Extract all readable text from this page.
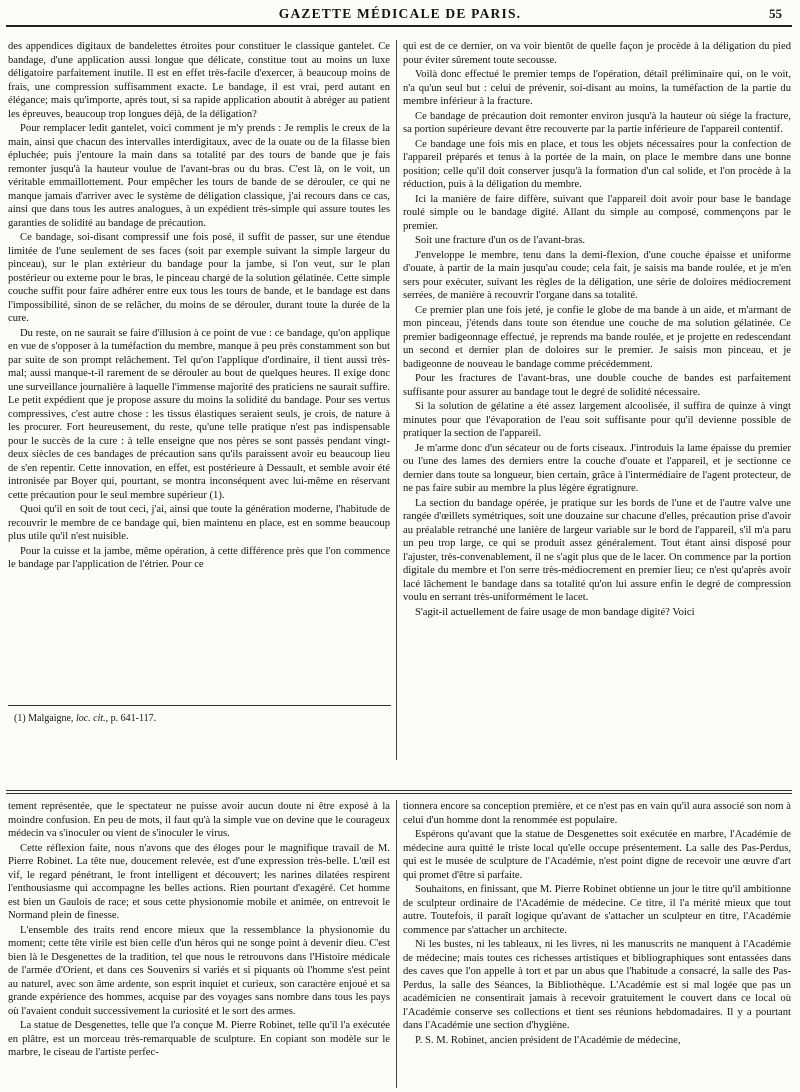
GAZETTE MÉDICALE DE PARIS.	55

des appendices digitaux de bandelettes étroites pour constituer le classique gantelet. Ce bandage, d'une application aussi longue que délicate, constitue tout au moins un luxe déligatoire parfaitement inutile. Il est en effet très-facile d'exercer, à beaucoup moins de frais, une compression suffisamment exacte. Le bandage, il est vrai, perd autant en élégance; mais qu'importe, après tout, si sa rapide application aboutit à abréger au patient les épreuves, beaucoup trop longues déjà, de la déligation?

Pour remplacer ledit gantelet, voici comment je m'y prends : Je remplis le creux de la main, ainsi que chacun des intervalles interdigitaux, avec de la ouate ou de la filasse bien épluchée; puis j'entoure la main dans sa totalité par des tours de bande que je fais remonter jusqu'à la hauteur voulue de l'avant-bras ou du bras. C'est là, on le voit, un véritable emmaillottement. Pour empêcher les tours de bande de se dérouler, ce qui ne manque jamais d'arriver avec le système de déligation classique, j'ai recours dans ce cas, ainsi que dans tous les autres analogues, à un expédient très-simple qui assure toutes les garanties de solidité au bandage de précaution.

Ce bandage, soi-disant compressif une fois posé, il suffit de passer, sur une étendue limitée de l'une seulement de ses faces (soit par exemple suivant la simple largeur du pinceau), sur le plan extérieur du bandage pour la jambe, si l'on veut, sur le plan postérieur ou externe pour le bras, le pinceau chargé de la solution gélatinée. Cette simple couche suffit pour faire adhérer entre eux tous les tours de bande, et le bandage est dans l'impossibilité, sinon de se relâcher, du moins de se dérouler, durant toute la durée de la cure.

Du reste, on ne saurait se faire d'illusion à ce point de vue : ce bandage, qu'on applique en vue de s'opposer à la tuméfaction du membre, manque à peu près constamment son but par suite de son prompt relâchement. Tel qu'on l'applique d'ordinaire, il tient aussi très-mal; aussi manque-t-il rarement de se dérouler au bout de quelques heures. Il exige donc une surveillance journalière à laquelle l'immense majorité des praticiens ne saurait suffire. Le petit expédient que je propose assure du moins la solidité du bandage. Pour ses vertus compressives, c'est autre chose : les tissus élastiques seraient seuls, je crois, de nature à les procurer. Fort heureusement, du reste, qu'une telle pratique n'est pas indispensable pour le succès de la cure : à telle enseigne que nos pères se sont passés pendant vingt-deux siècles de ces bandages de précaution sans qu'ils paraissent avoir eu beaucoup lieu de s'en repentir. Cette innovation, en effet, est postérieure à Dessault, et semble avoir été intronisée par Boyer qui, pourtant, se montra inconséquent avec lui-même en réservant cette précaution pour le seul membre supérieur (1).

Quoi qu'il en soit de tout ceci, j'ai, ainsi que toute la génération moderne, l'habitude de recouvrir le membre de ce bandage qui, bien maintenu en place, est en somme beaucoup plus utile qu'il n'est nuisible.

Pour la cuisse et la jambe, même opération, à cette différence près que l'on commence le bandage par l'application de l'étrier. Pour ce

(1) Malgaigne, loc. cit., p. 641-117.

qui est de ce dernier, on va voir bientôt de quelle façon je procède à la déligation du pied pour éviter sûrement toute secousse.

Voilà donc effectué le premier temps de l'opération, détail préliminaire qui, on le voit, n'a qu'un seul but : celui de prévenir, soi-disant au moins, la tuméfaction de la partie du membre inférieur à la fracture.

Ce bandage de précaution doit remonter environ jusqu'à la hauteur où siége la fracture, sa portion supérieure devant être recouverte par la partie inférieure de l'appareil contentif.

Ce bandage une fois mis en place, et tous les objets nécessaires pour la confection de l'appareil préparés et tenus à la portée de la main, on place le membre dans une bonne position; celle qu'il doit conserver jusqu'à la formation d'un cal solide, et l'on procède à la réduction, puis à la déligation du membre.

Ici la manière de faire diffère, suivant que l'appareil doit avoir pour base le bandage roulé simple ou le bandage digité. Allant du simple au composé, commençons par le premier.

Soit une fracture d'un os de l'avant-bras.

J'enveloppe le membre, tenu dans la demi-flexion, d'une couche épaisse et uniforme d'ouate, à partir de la main jusqu'au coude; cela fait, je saisis ma bande roulée, et je m'en sers pour exécuter, suivant les règles de la déligation, une série de doloires médiocrement serrées, de manière à recouvrir l'organe dans sa totalité.

Ce premier plan une fois jeté, je confie le globe de ma bande à un aide, et m'armant de mon pinceau, j'étends dans toute son étendue une couche de ma solution gélatinée. Ce premier badigeonnage effectué, je reprends ma bande roulée, et je projette en redescendant un second et dernier plan de doloires sur le premier. Je saisis mon pinceau, et je badigeonne de nouveau le bandage comme précédemment.

Pour les fractures de l'avant-bras, une double couche de bandes est parfaitement suffisante pour assurer au bandage tout le degré de solidité nécessaire.

Si la solution de gélatine a été assez largement alcoolisée, il suffira de quinze à vingt minutes pour que l'évaporation de l'eau soit suffisante pour qu'il devienne possible de pratiquer la section de l'appareil.

Je m'arme donc d'un sécateur ou de forts ciseaux. J'introduis la lame épaisse du premier ou l'une des lames des derniers entre la couche d'ouate et l'appareil, et je sectionne ce dernier dans toute sa longueur, bien certain, grâce à l'intermédiaire de l'agent protecteur, de ne pas faire subir au membre la plus légère égratignure.

La section du bandage opérée, je pratique sur les bords de l'une et de l'autre valve une rangée d'œillets symétriques, soit une douzaine sur chacune d'elles, précaution prise d'avoir au préalable retranché une lanière de largeur variable sur le bord de l'appareil, s'il m'a paru un peu trop large, ce qui se produit assez généralement. Tout étant ainsi disposé pour l'ajuster, très-convenablement, il ne s'agit plus que de le lacer. On commence par la portion digitale du membre et l'on serre très-médiocrement en premier lieu; ce n'est qu'après avoir lacé lâchement le bandage dans sa totalité qu'on lui assure enfin le degré de compression voulu en serrant très-uniformément le lacet.

S'agit-il actuellement de faire usage de mon bandage digité? Voici

tement représentée, que le spectateur ne puisse avoir aucun doute ni être exposé à la moindre confusion. En peu de mots, il faut qu'à la simple vue on devine que le courageux médecin va s'inoculer ou vient de s'inoculer le virus.

Cette réflexion faite, nous n'avons que des éloges pour le magnifique travail de M. Pierre Robinet. La tête nue, doucement relevée, est d'une expression très-belle. L'œil est vif, le regard pénétrant, le front intelligent et découvert; les narines dilatées respirent l'enthousiasme qui accompagne les belles actions. Rien pourtant d'exagéré. Cet homme est bien un Gaulois de race; et sous cette physionomie mobile et animée, on entrevoit le Normand plein de finesse.

L'ensemble des traits rend encore mieux que la ressemblance la physionomie du moment; cette tête virile est bien celle d'un héros qui ne songe point à devenir dieu. C'est bien là le Desgenettes de la tradition, tel que nous le retrouvons dans l'Histoire médicale de l'armée d'Orient, et dans ces Souvenirs si variés et si piquants où l'homme s'est peint au naturel, avec son âme ardente, son esprit inquiet et curieux, son caractère enjoué et sa grande expérience des hommes, acquise par des voyages sans nombre dans tous les pays où l'avaient conduit successivement la curiosité et le sort des armes.

La statue de Desgenettes, telle que l'a conçue M. Pierre Robinet, telle qu'il l'a exécutée en plâtre, est un morceau très-remarquable de sculpture. En copiant son modèle sur le marbre, le ciseau de l'artiste perfec-

tionnera encore sa conception première, et ce n'est pas en vain qu'il aura associé son nom à celui d'un homme dont la renommée est populaire.

Espérons qu'avant que la statue de Desgenettes soit exécutée en marbre, l'Académie de médecine aura quitté le triste local qu'elle occupe présentement. La salle des Pas-Perdus, qui est le musée de sculpture de l'Académie, n'est point digne de recevoir une œuvre d'art qui promet d'être si parfaite.

Souhaitons, en finissant, que M. Pierre Robinet obtienne un jour le titre qu'il ambitionne de sculpteur ordinaire de l'Académie de médecine. Ce titre, il l'a mérité mieux que tout autre. Toutefois, il paraît logique qu'avant de s'attacher un sculpteur en titre, l'Académie commence par s'attacher un architecte.

Ni les bustes, ni les tableaux, ni les livres, ni les manuscrits ne manquent à l'Académie de médecine; mais toutes ces richesses artistiques et bibliographiques sont entassées dans des caves que l'on appelle à tort et par un abus que l'habitude a consacré, la salle des Pas-Perdus, la salle des Séances, la Bibliothèque. L'Académie est si mal logée que pas un académicien ne consentirait jamais à recevoir gratuitement le couvert dans ce local où l'Académie conserve ses collections et tient ses réunions hebdomadaires. Il y a pourtant dans l'Académie une section d'hygiène.

P. S. M. Robinet, ancien président de l'Académie de médecine,
